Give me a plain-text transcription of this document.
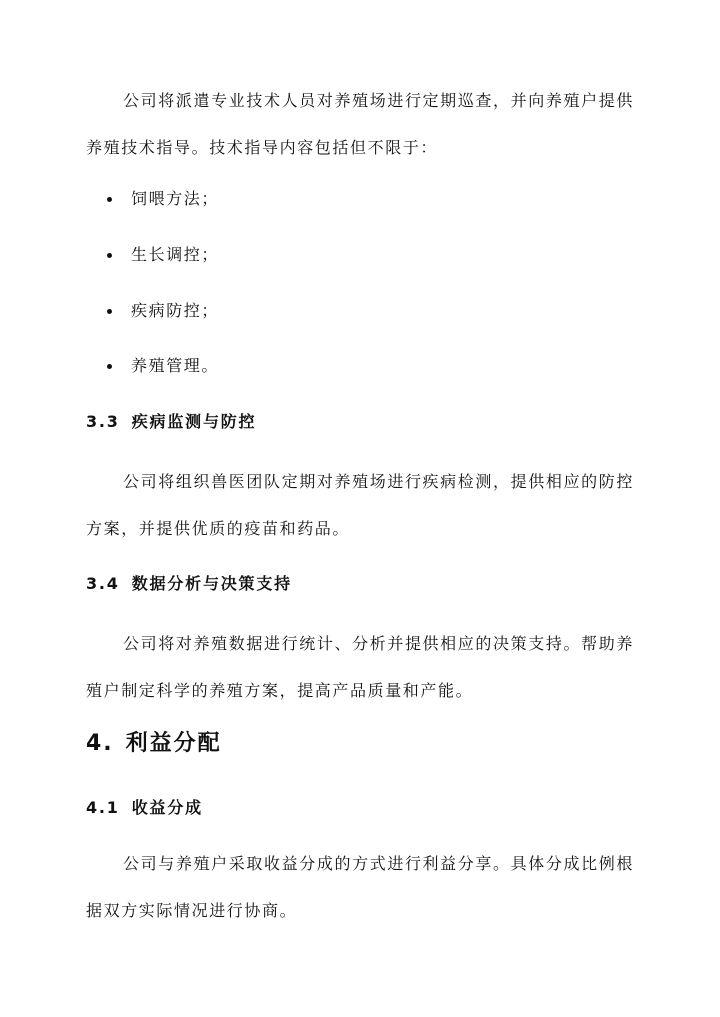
公司将派遣专业技术人员对养殖场进行定期巡查，并向养殖户提供养殖技术指导。技术指导内容包括但不限于：

饲喂方法；
生长调控；
疾病防控；
养殖管理。
3.3 疾病监测与防控

公司将组织兽医团队定期对养殖场进行疾病检测，提供相应的防控方案，并提供优质的疫苗和药品。

3.4 数据分析与决策支持

公司将对养殖数据进行统计、分析并提供相应的决策支持。帮助养殖户制定科学的养殖方案，提高产品质量和产能。

4. 利益分配
4.1 收益分成

公司与养殖户采取收益分成的方式进行利益分享。具体分成比例根据双方实际情况进行协商。
